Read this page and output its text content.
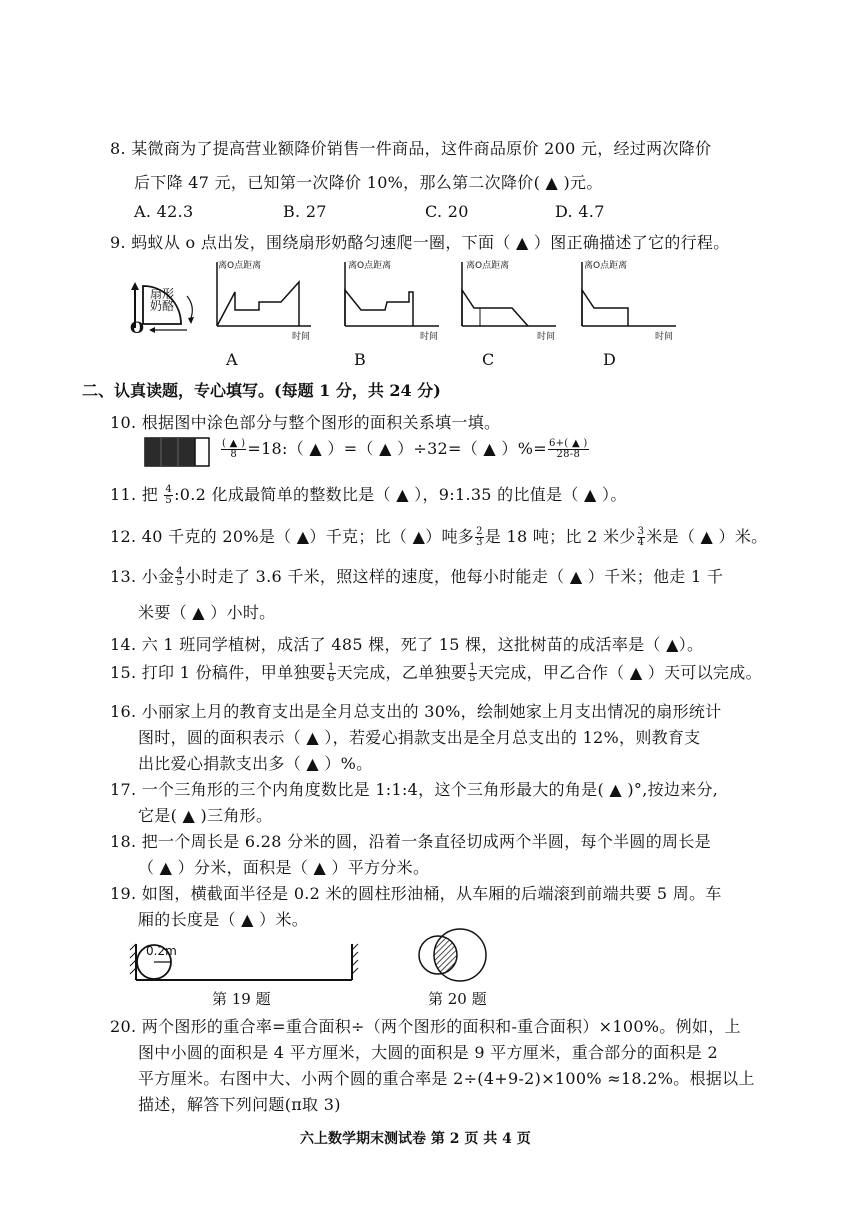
8. 某微商为了提高营业额降价销售一件商品，这件商品原价 200 元，经过两次降价
后下降 47 元，已知第一次降价 10%，那么第二次降价( ▲ )元。
A. 42.3	B. 27	C. 20	D. 4.7
9. 蚂蚁从 o 点出发，围绕扇形奶酪匀速爬一圈，下面（ ▲ ）图正确描述了它的行程。
扇形奶酪
O
离O点距离
时间
A
离O点距离
时间
B
离O点距离
时间
C
离O点距离
时间
D
二、认真读题，专心填写。(每题 1 分，共 24 分)
10. 根据图中涂色部分与整个图形的面积关系填一填。
$\frac{( ▲ )}{8}$ =18:（ ▲ ）=（ ▲ ）÷32=（ ▲ ）%= $\frac{6+( ▲ )}{28-8}$
11. 把 $\frac{4}{5}$ :0.2 化成最简单的整数比是（ ▲ ），9:1.35 的比值是（ ▲ ）。
12. 40 千克的 20%是（ ▲）千克；比（ ▲）吨多 $\frac{2}{3}$ 是 18 吨；比 2 米少 $\frac{3}{4}$ 米是（ ▲ ）米。
13. 小金 $\frac{4}{5}$ 小时走了 3.6 千米，照这样的速度，他每小时能走（ ▲ ）千米；他走 1 千
米要（ ▲ ）小时。
14. 六 1 班同学植树，成活了 485 棵，死了 15 棵，这批树苗的成活率是（ ▲）。
15. 打印 1 份稿件，甲单独要 $\frac{1}{6}$ 天完成，乙单独要 $\frac{1}{5}$ 天完成，甲乙合作（ ▲ ）天可以完成。
16. 小丽家上月的教育支出是全月总支出的 30%，绘制她家上月支出情况的扇形统计
图时，圆的面积表示（ ▲ ），若爱心捐款支出是全月总支出的 12%，则教育支
出比爱心捐款支出多（ ▲ ）%。
17. 一个三角形的三个内角度数比是 1:1:4，这个三角形最大的角是( ▲ )°,按边来分,
它是( ▲ )三角形。
18. 把一个周长是 6.28 分米的圆，沿着一条直径切成两个半圆，每个半圆的周长是
（ ▲ ）分米，面积是（ ▲ ）平方分米。
19. 如图，横截面半径是 0.2 米的圆柱形油桶，从车厢的后端滚到前端共要 5 周。车
厢的长度是（ ▲ ）米。
0.2m
第 19 题	第 20 题
20. 两个图形的重合率=重合面积÷（两个图形的面积和-重合面积）×100%。例如，上
图中小圆的面积是 4 平方厘米，大圆的面积是 9 平方厘米，重合部分的面积是 2
平方厘米。右图中大、小两个圆的重合率是 2÷(4+9-2)×100% ≈18.2%。根据以上
描述，解答下列问题(π取 3)
六上数学期末测试卷 第 2 页 共 4 页
